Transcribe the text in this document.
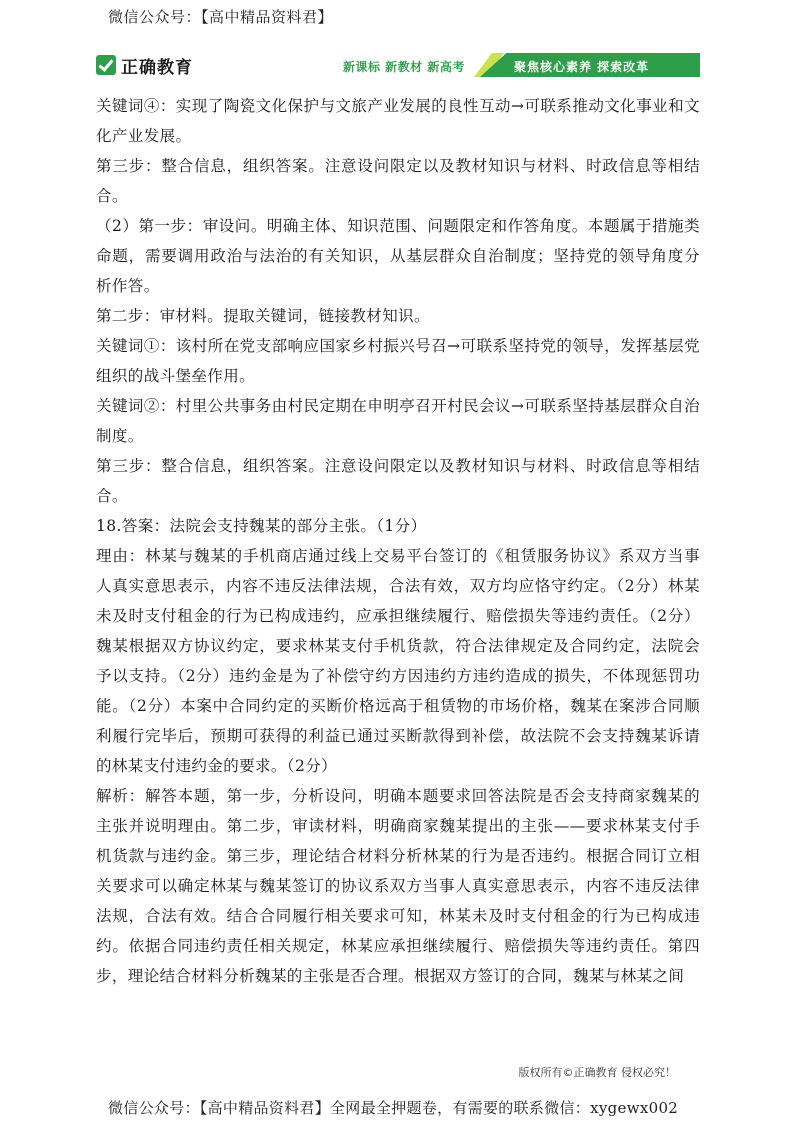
微信公众号：【高中精品资料君】
正确教育	新课标 新教材 新高考	聚焦核心素养 探索改革

关键词④：实现了陶瓷文化保护与文旅产业发展的良性互动→可联系推动文化事业和文化产业发展。

第三步：整合信息，组织答案。注意设问限定以及教材知识与材料、时政信息等相结合。

（2）第一步：审设问。明确主体、知识范围、问题限定和作答角度。本题属于措施类命题，需要调用政治与法治的有关知识，从基层群众自治制度；坚持党的领导角度分析作答。

第二步：审材料。提取关键词，链接教材知识。

关键词①：该村所在党支部响应国家乡村振兴号召→可联系坚持党的领导，发挥基层党组织的战斗堡垒作用。

关键词②：村里公共事务由村民定期在申明亭召开村民会议→可联系坚持基层群众自治制度。

第三步：整合信息，组织答案。注意设问限定以及教材知识与材料、时政信息等相结合。

18.答案：法院会支持魏某的部分主张。（1分）

理由：林某与魏某的手机商店通过线上交易平台签订的《租赁服务协议》系双方当事人真实意思表示，内容不违反法律法规，合法有效，双方均应恪守约定。（2分）林某未及时支付租金的行为已构成违约，应承担继续履行、赔偿损失等违约责任。（2分）魏某根据双方协议约定，要求林某支付手机货款，符合法律规定及合同约定，法院会予以支持。（2分）违约金是为了补偿守约方因违约方违约造成的损失，不体现惩罚功能。（2分）本案中合同约定的买断价格远高于租赁物的市场价格，魏某在案涉合同顺利履行完毕后，预期可获得的利益已通过买断款得到补偿，故法院不会支持魏某诉请的林某支付违约金的要求。（2分）

解析：解答本题，第一步，分析设问，明确本题要求回答法院是否会支持商家魏某的主张并说明理由。第二步，审读材料，明确商家魏某提出的主张——要求林某支付手机货款与违约金。第三步，理论结合材料分析林某的行为是否违约。根据合同订立相关要求可以确定林某与魏某签订的协议系双方当事人真实意思表示，内容不违反法律法规，合法有效。结合合同履行相关要求可知，林某未及时支付租金的行为已构成违约。依据合同违约责任相关规定，林某应承担继续履行、赔偿损失等违约责任。第四步，理论结合材料分析魏某的主张是否合理。根据双方签订的合同，魏某与林某之间

版权所有©正确教育 侵权必究！
微信公众号：【高中精品资料君】全网最全押题卷，有需要的联系微信：xygewx002
